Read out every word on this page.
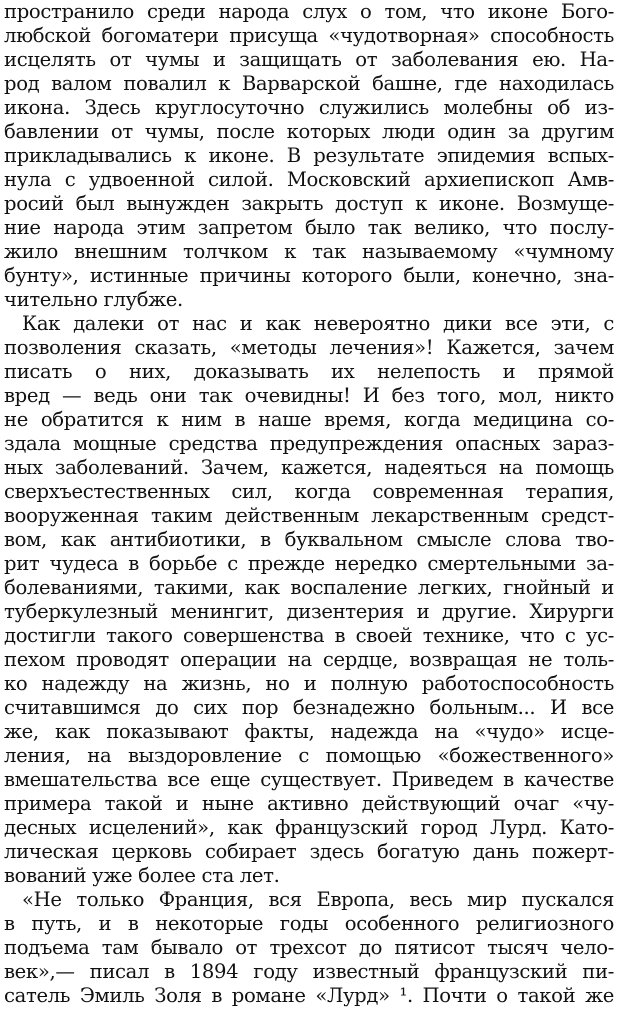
пространило среди народа слух о том, что иконе Бого-
любской богоматери присуща «чудотворная» способность
исцелять от чумы и защищать от заболевания ею. На-
род валом повалил к Варварской башне, где находилась
икона. Здесь круглосуточно служились молебны об из-
бавлении от чумы, после которых люди один за другим
прикладывались к иконе. В результате эпидемия вспых-
нула с удвоенной силой. Московский архиепископ Амв-
росий был вынужден закрыть доступ к иконе. Возмуще-
ние народа этим запретом было так велико, что послу-
жило внешним толчком к так называемому «чумному
бунту», истинные причины которого были, конечно, зна-
чительно глубже.
Как далеки от нас и как невероятно дики все эти, с
позволения сказать, «методы лечения»! Кажется, зачем
писать о них, доказывать их нелепость и прямой
вред — ведь они так очевидны! И без того, мол, никто
не обратится к ним в наше время, когда медицина со-
здала мощные средства предупреждения опасных зараз-
ных заболеваний. Зачем, кажется, надеяться на помощь
сверхъестественных сил, когда современная терапия,
вооруженная таким действенным лекарственным средст-
вом, как антибиотики, в буквальном смысле слова тво-
рит чудеса в борьбе с прежде нередко смертельными за-
болеваниями, такими, как воспаление легких, гнойный и
туберкулезный менингит, дизентерия и другие. Хирурги
достигли такого совершенства в своей технике, что с ус-
пехом проводят операции на сердце, возвращая не толь-
ко надежду на жизнь, но и полную работоспособность
считавшимся до сих пор безнадежно больным... И все
же, как показывают факты, надежда на «чудо» исце-
ления, на выздоровление с помощью «божественного»
вмешательства все еще существует. Приведем в качестве
примера такой и ныне активно действующий очаг «чу-
десных исцелений», как французский город Лурд. Като-
лическая церковь собирает здесь богатую дань пожерт-
вований уже более ста лет.
«Не только Франция, вся Европа, весь мир пускался
в путь, и в некоторые годы особенного религиозного
подъема там бывало от трехсот до пятисот тысяч чело-
век»,— писал в 1894 году известный французский пи-
сатель Эмиль Золя в романе «Лурд» ¹. Почти о такой же
